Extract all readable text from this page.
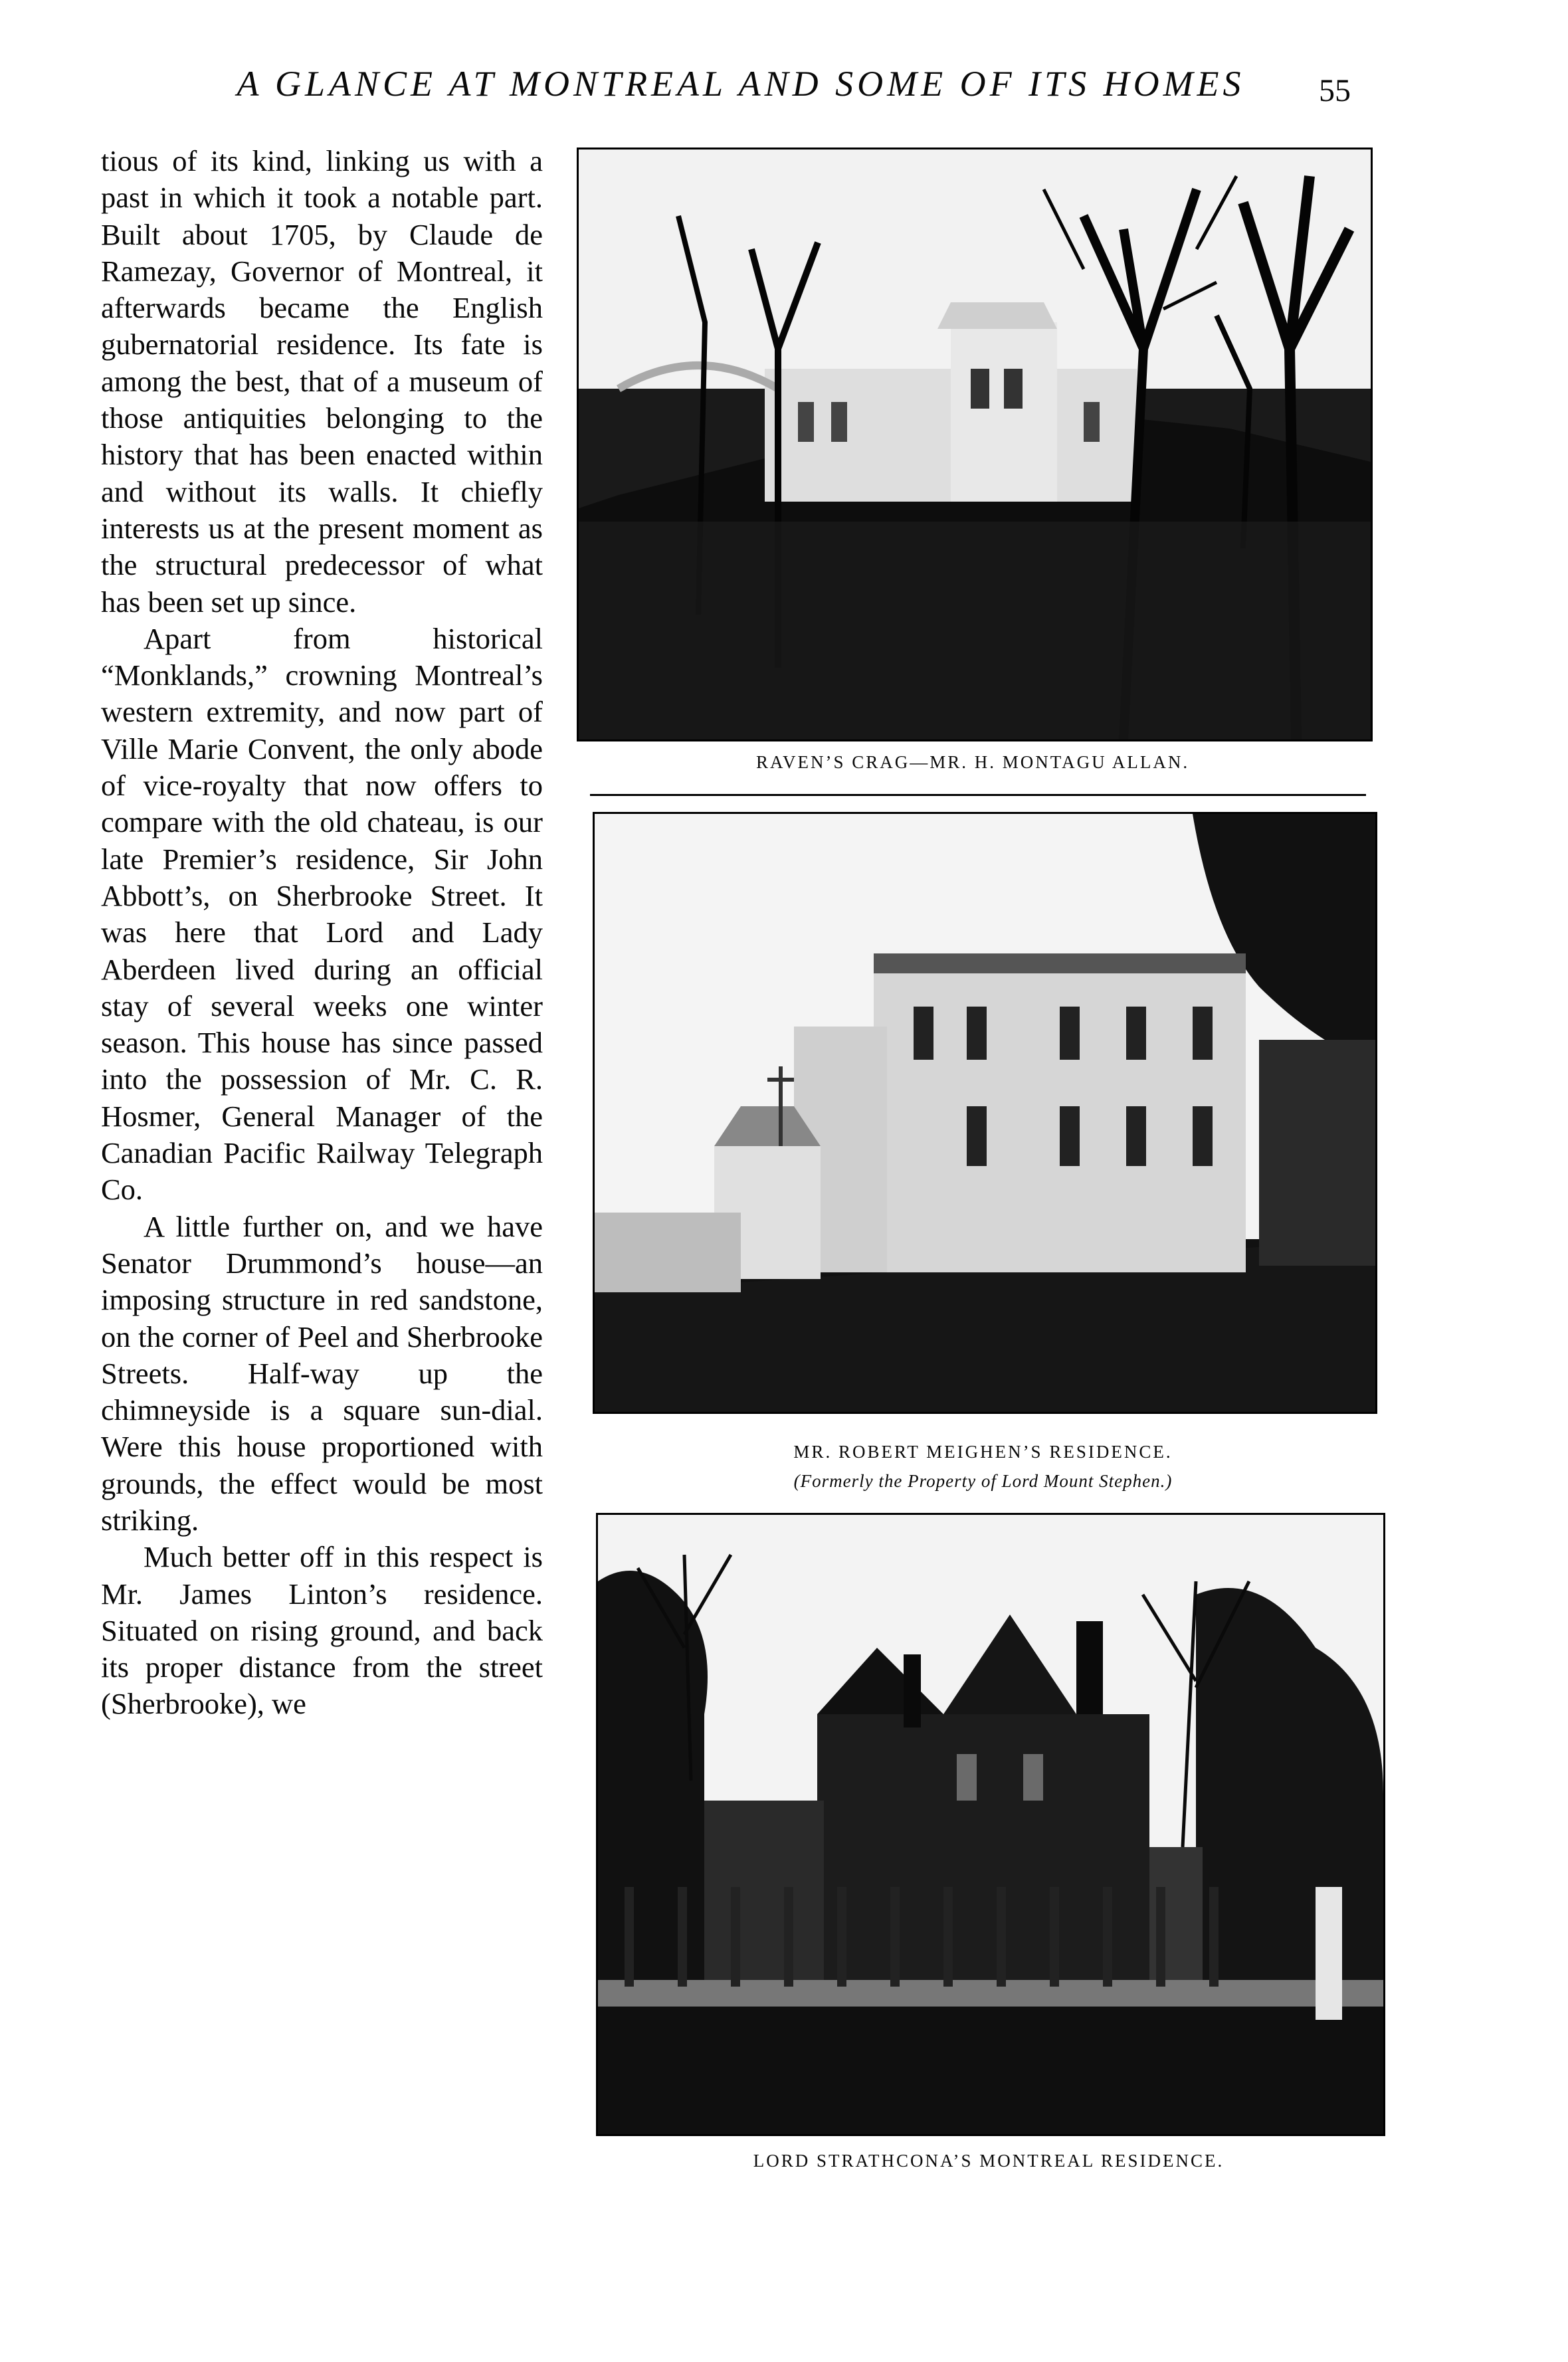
A GLANCE AT MONTREAL AND SOME OF ITS HOMES	55

tious of its kind, linking us with a past in which it took a notable part. Built about 1705, by Claude de Ramezay, Governor of Montreal, it afterwards became the English gubernatorial residence. Its fate is among the best, that of a museum of those antiquities belonging to the history that has been enacted within and without its walls. It chiefly interests us at the present moment as the structural predecessor of what has been set up since.

Apart from historical “Monklands,” crowning Montreal’s western extremity, and now part of Ville Marie Convent, the only abode of vice-royalty that now offers to compare with the old chateau, is our late Premier’s residence, Sir John Abbott’s, on Sherbrooke Street. It was here that Lord and Lady Aberdeen lived during an official stay of several weeks one winter season. This house has since passed into the possession of Mr. C. R. Hosmer, General Manager of the Canadian Pacific Railway Telegraph Co.

A little further on, and we have Senator Drummond’s house—an imposing structure in red sandstone, on the corner of Peel and Sherbrooke Streets. Half-way up the chimneyside is a square sun-dial. Were this house proportioned with grounds, the effect would be most striking.

Much better off in this respect is Mr. James Linton’s residence. Situated on rising ground, and back its proper distance from the street (Sherbrooke), we

RAVEN’S CRAG—MR. H. MONTAGU ALLAN.
MR. ROBERT MEIGHEN’S RESIDENCE.
(Formerly the Property of Lord Mount Stephen.)
LORD STRATHCONA’S MONTREAL RESIDENCE.
